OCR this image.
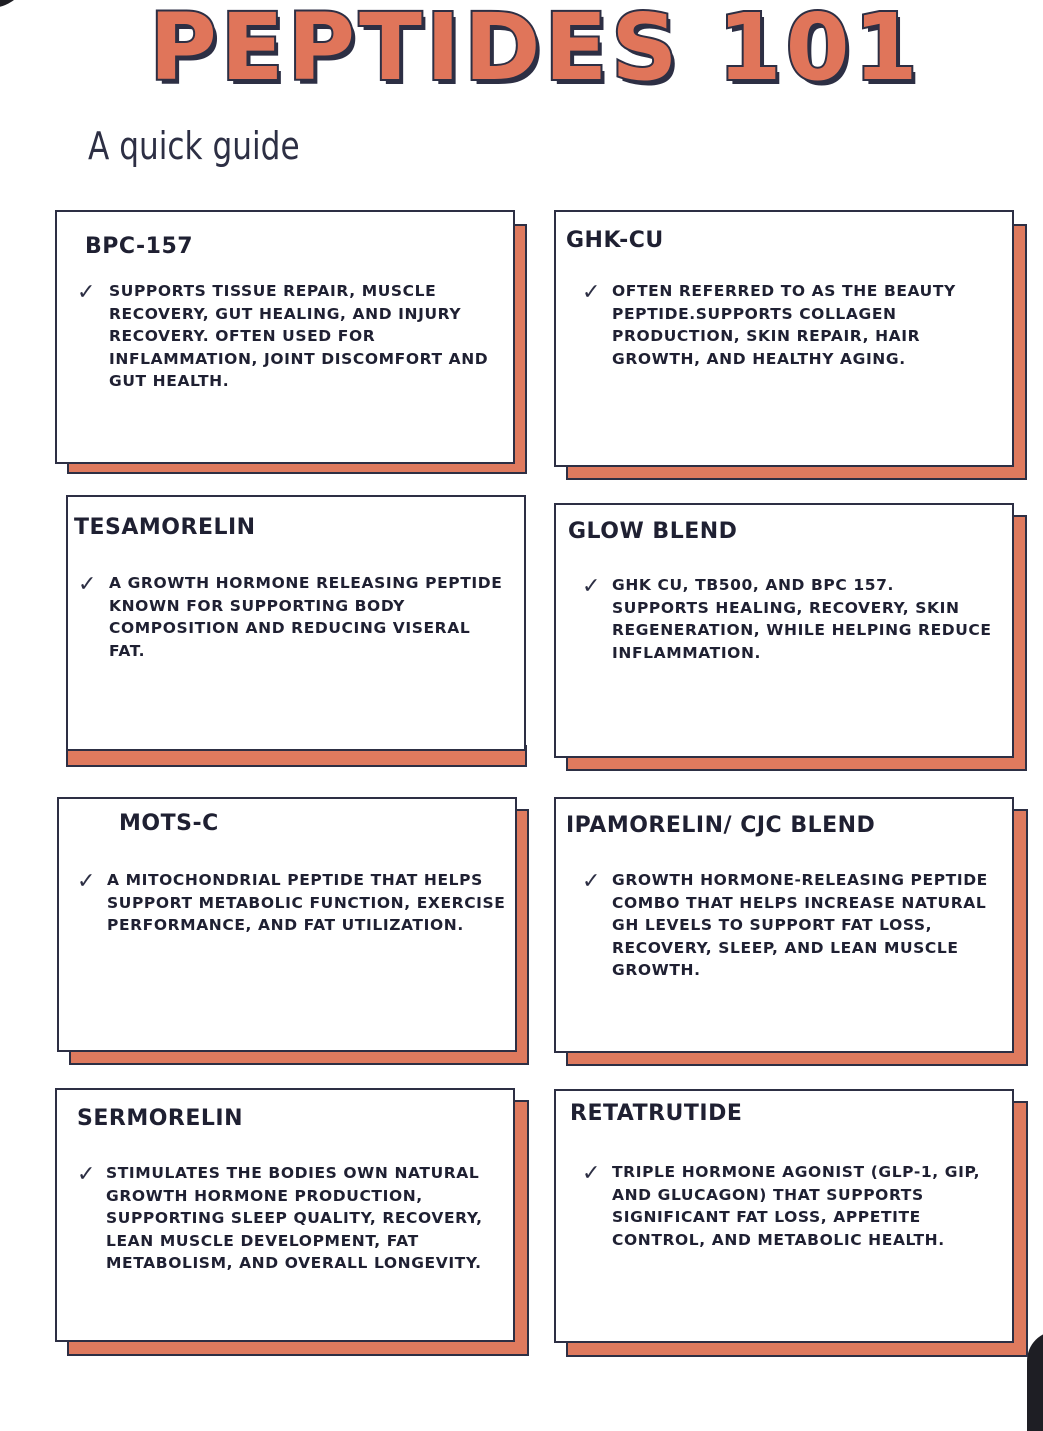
PEPTIDES 101
A quick guide
BPC-157
✓ SUPPORTS TISSUE REPAIR, MUSCLE RECOVERY, GUT HEALING, AND INJURY RECOVERY. OFTEN USED FOR INFLAMMATION, JOINT DISCOMFORT AND GUT HEALTH.
GHK-CU
✓ OFTEN REFERRED TO AS THE BEAUTY PEPTIDE.SUPPORTS COLLAGEN PRODUCTION, SKIN REPAIR, HAIR GROWTH, AND HEALTHY AGING.
TESAMORELIN
✓ A GROWTH HORMONE RELEASING PEPTIDE KNOWN FOR SUPPORTING BODY COMPOSITION AND REDUCING VISERAL FAT.
GLOW BLEND
✓ GHK CU, TB500, AND BPC 157. SUPPORTS HEALING, RECOVERY, SKIN REGENERATION, WHILE HELPING REDUCE INFLAMMATION.
MOTS-C
✓ A MITOCHONDRIAL PEPTIDE THAT HELPS SUPPORT METABOLIC FUNCTION, EXERCISE PERFORMANCE, AND FAT UTILIZATION.
IPAMORELIN/ CJC BLEND
✓ GROWTH HORMONE-RELEASING PEPTIDE COMBO THAT HELPS INCREASE NATURAL GH LEVELS TO SUPPORT FAT LOSS, RECOVERY, SLEEP, AND LEAN MUSCLE GROWTH.
SERMORELIN
✓ STIMULATES THE BODIES OWN NATURAL GROWTH HORMONE PRODUCTION, SUPPORTING SLEEP QUALITY, RECOVERY, LEAN MUSCLE DEVELOPMENT, FAT METABOLISM, AND OVERALL LONGEVITY.
RETATRUTIDE
✓ TRIPLE HORMONE AGONIST (GLP-1, GIP, AND GLUCAGON) THAT SUPPORTS SIGNIFICANT FAT LOSS, APPETITE CONTROL, AND METABOLIC HEALTH.
